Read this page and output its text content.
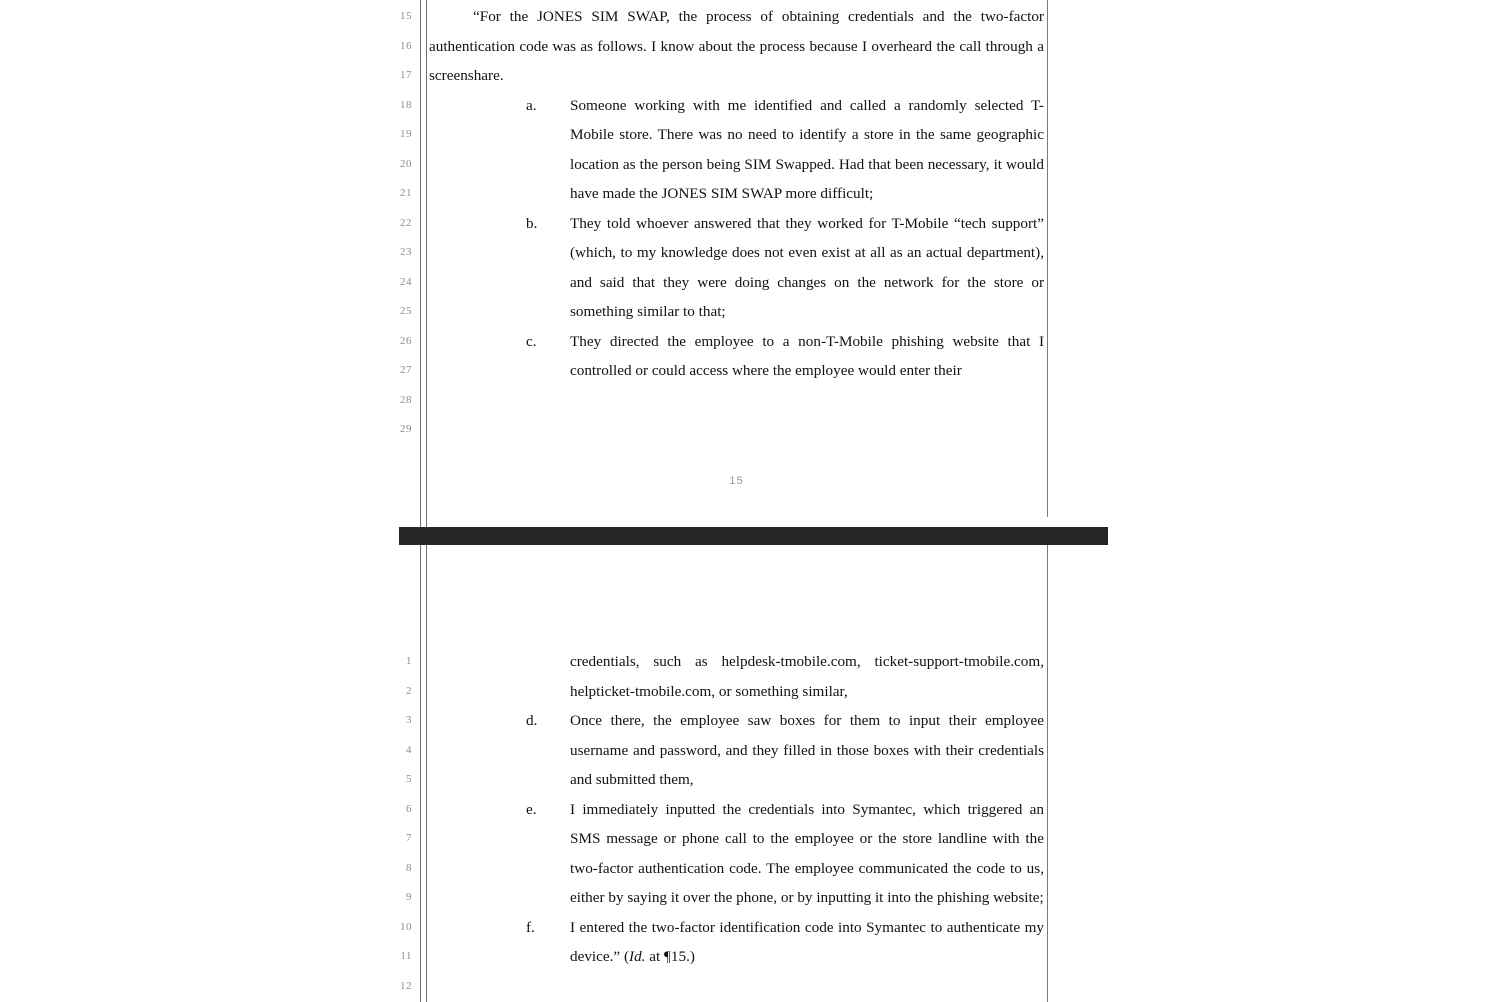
15
16
17
18
19
20
21
22
23
24
25
26
27
28
29
“For the JONES SIM SWAP, the process of obtaining credentials and the two-factor authentication code was as follows. I know about the process because I overheard the call through a screenshare.
a.	Someone working with me identified and called a randomly selected T-Mobile store. There was no need to identify a store in the same geographic location as the person being SIM Swapped. Had that been necessary, it would have made the JONES SIM SWAP more difficult;
b.	They told whoever answered that they worked for T-Mobile “tech support” (which, to my knowledge does not even exist at all as an actual department), and said that they were doing changes on the network for the store or something similar to that;
c.	They directed the employee to a non-T-Mobile phishing website that I controlled or could access where the employee would enter their
15
1
2
3
4
5
6
7
8
9
10
11
12
credentials, such as helpdesk-tmobile.com, ticket-support-tmobile.com, helpticket-tmobile.com, or something similar,
d.	Once there, the employee saw boxes for them to input their employee username and password, and they filled in those boxes with their credentials and submitted them,
e.	I immediately inputted the credentials into Symantec, which triggered an SMS message or phone call to the employee or the store landline with the two-factor authentication code. The employee communicated the code to us, either by saying it over the phone, or by inputting it into the phishing website;
f.	I entered the two-factor identification code into Symantec to authenticate my device.” (Id. at ¶15.)
